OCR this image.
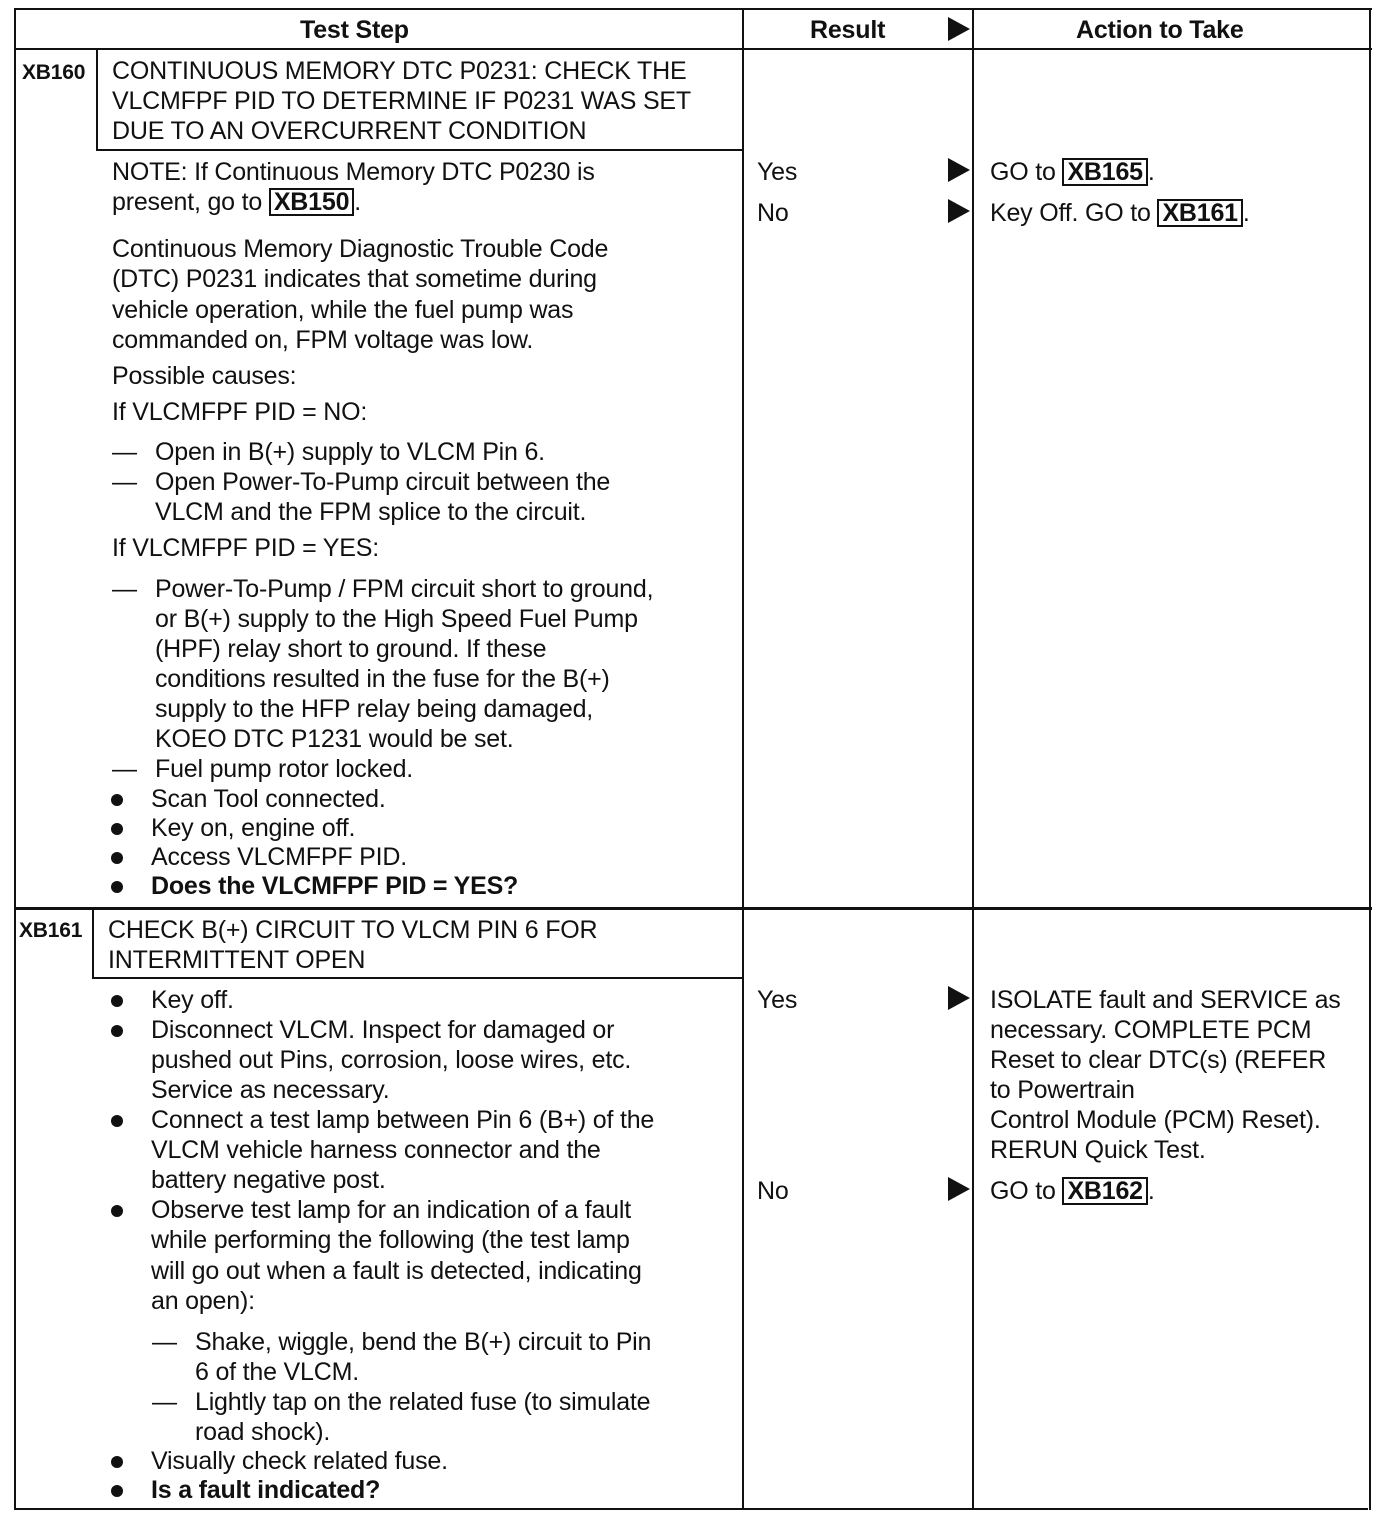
Test Step	Result	Action to Take
XB160 CONTINUOUS MEMORY DTC P0231: CHECK THE
VLCMFPF PID TO DETERMINE IF P0231 WAS SET
DUE TO AN OVERCURRENT CONDITION
NOTE: If Continuous Memory DTC P0230 is
present, go to XB150 .
Continuous Memory Diagnostic Trouble Code
(DTC) P0231 indicates that sometime during
vehicle operation, while the fuel pump was
commanded on, FPM voltage was low.
Possible causes:
If VLCMFPF PID = NO:
— Open in B(+) supply to VLCM Pin 6.
— Open Power-To-Pump circuit between the
VLCM and the FPM splice to the circuit.
If VLCMFPF PID = YES:
— Power-To-Pump / FPM circuit short to ground,
or B(+) supply to the High Speed Fuel Pump
(HPF) relay short to ground. If these
conditions resulted in the fuse for the B(+)
supply to the HFP relay being damaged,
KOEO DTC P1231 would be set.
— Fuel pump rotor locked.
Scan Tool connected.
Key on, engine off.
Access VLCMFPF PID.
Does the VLCMFPF PID = YES?
Yes
No
GO to XB165 .
Key Off. GO to XB161 .
XB161 CHECK B(+) CIRCUIT TO VLCM PIN 6 FOR
INTERMITTENT OPEN
Key off.
Disconnect VLCM. Inspect for damaged or
pushed out Pins, corrosion, loose wires, etc.
Service as necessary.
Connect a test lamp between Pin 6 (B+) of the
VLCM vehicle harness connector and the
battery negative post.
Observe test lamp for an indication of a fault
while performing the following (the test lamp
will go out when a fault is detected, indicating
an open):
— Shake, wiggle, bend the B(+) circuit to Pin
6 of the VLCM.
— Lightly tap on the related fuse (to simulate
road shock).
Visually check related fuse.
Is a fault indicated?
Yes
No
ISOLATE fault and SERVICE as
necessary. COMPLETE PCM
Reset to clear DTC(s) (REFER
to Powertrain
Control Module (PCM) Reset).
RERUN Quick Test.
GO to XB162 .
